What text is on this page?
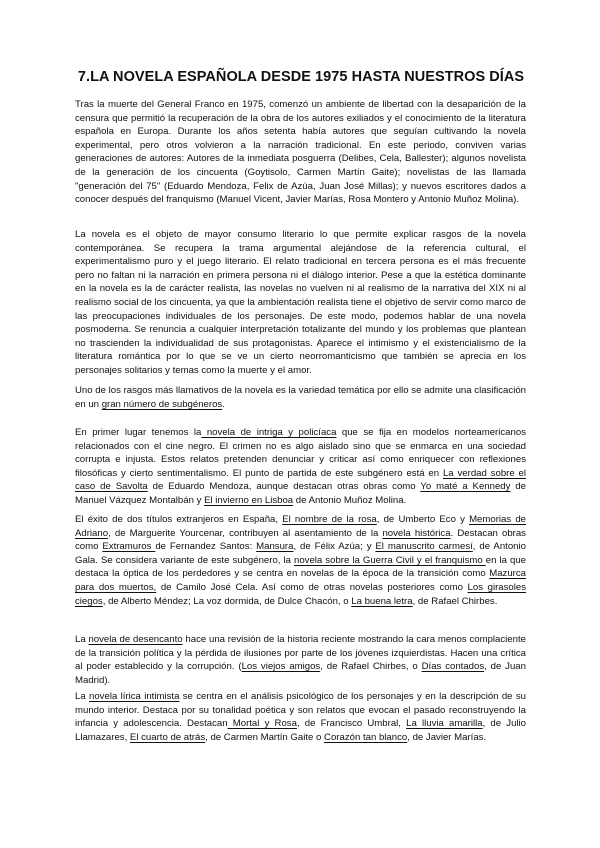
7.LA NOVELA ESPAÑOLA DESDE 1975 HASTA NUESTROS DÍAS

Tras la muerte del General Franco en 1975, comenzó un ambiente de libertad con la desaparición de la censura que permitió la recuperación de la obra de los autores exiliados y el conocimiento de la literatura española en Europa. Durante los años setenta había autores que seguían cultivando la novela experimental, pero otros volvieron a la narración tradicional. En este periodo, conviven varias generaciones de autores: Autores de la inmediata posguerra (Delibes, Cela, Ballester); algunos novelista de la generación de los cincuenta (Goytisolo, Carmen Martín Gaite); novelistas de las llamada "generación del 75" (Eduardo Mendoza, Felix de Azúa, Juan José Millas); y nuevos escritores dados a conocer después del franquismo (Manuel Vicent, Javier Marías, Rosa Montero y Antonio Muñoz Molina).

La novela es el objeto de mayor consumo literario lo que permite explicar rasgos de la novela contemporánea. Se recupera la trama argumental alejándose de la referencia cultural, el experimentalismo puro y el juego literario. El relato tradicional en tercera persona es el más frecuente pero no faltan ni la narración en primera persona ni el diálogo interior. Pese a que la estética dominante en la novela es la de carácter realista, las novelas no vuelven ni al realismo de la narrativa del XIX ni al realismo social de los cincuenta, ya que la ambientación realista tiene el objetivo de servir como marco de las preocupaciones individuales de los personajes. De este modo, podemos hablar de una novela posmoderna. Se renuncia a cualquier interpretación totalizante del mundo y los problemas que plantean no trascienden la individualidad de sus protagonistas. Aparece el intimismo y el existencialismo de la literatura romántica por lo que se ve un cierto neorromanticismo que también se aprecia en los personajes solitarios y temas como la muerte y el amor.

Uno de los rasgos más llamativos de la novela es la variedad temática por ello se admite una clasificación en un gran número de subgéneros.

En primer lugar tenemos la novela de intriga y policíaca que se fija en modelos norteamericanos relacionados con el cine negro. El crimen no es algo aislado sino que se enmarca en una sociedad corrupta e injusta. Estos relatos pretenden denunciar y criticar así como enriquecer con reflexiones filosóficas y cierto sentimentalismo. El punto de partida de este subgénero está en La verdad sobre el caso de Savolta de Eduardo Mendoza, aunque destacan otras obras como Yo maté a Kennedy de Manuel Vázquez Montalbán y El invierno en Lisboa de Antonio Muñoz Molina.

El éxito de dos títulos extranjeros en España, El nombre de la rosa, de Umberto Eco y Memorias de Adriano, de Marguerite Yourcenar, contribuyen al asentamiento de la novela histórica. Destacan obras como Extramuros de Fernandez Santos: Mansura, de Félix Azúa; y El manuscrito carmesí, de Antonio Gala. Se considera variante de este subgénero, la novela sobre la Guerra Civil y el franquismo en la que destaca la óptica de los perdedores y se centra en novelas de la época de la transición como Mazurca para dos muertos, de Camilo José Cela. Así como de otras novelas posteriores como Los girasoles ciegos, de Alberto Méndez; La voz dormida, de Dulce Chacón, o La buena letra, de Rafael Chirbes.

La novela de desencanto hace una revisión de la historia reciente mostrando la cara menos complaciente de la transición política y la pérdida de ilusiones por parte de los jóvenes izquierdistas. Hacen una crítica al poder establecido y la corrupción. (Los viejos amigos, de Rafael Chirbes, o Días contados, de Juan Madrid).

La novela lírica intimista se centra en el análisis psicológico de los personajes y en la descripción de su mundo interior. Destaca por su tonalidad poética y son relatos que evocan el pasado reconstruyendo la infancia y adolescencia. Destacan Mortal y Rosa, de Francisco Umbral, La lluvia amarilla, de Julio Llamazares, El cuarto de atrás, de Carmen Martín Gaite o Corazón tan blanco, de Javier Marías.
